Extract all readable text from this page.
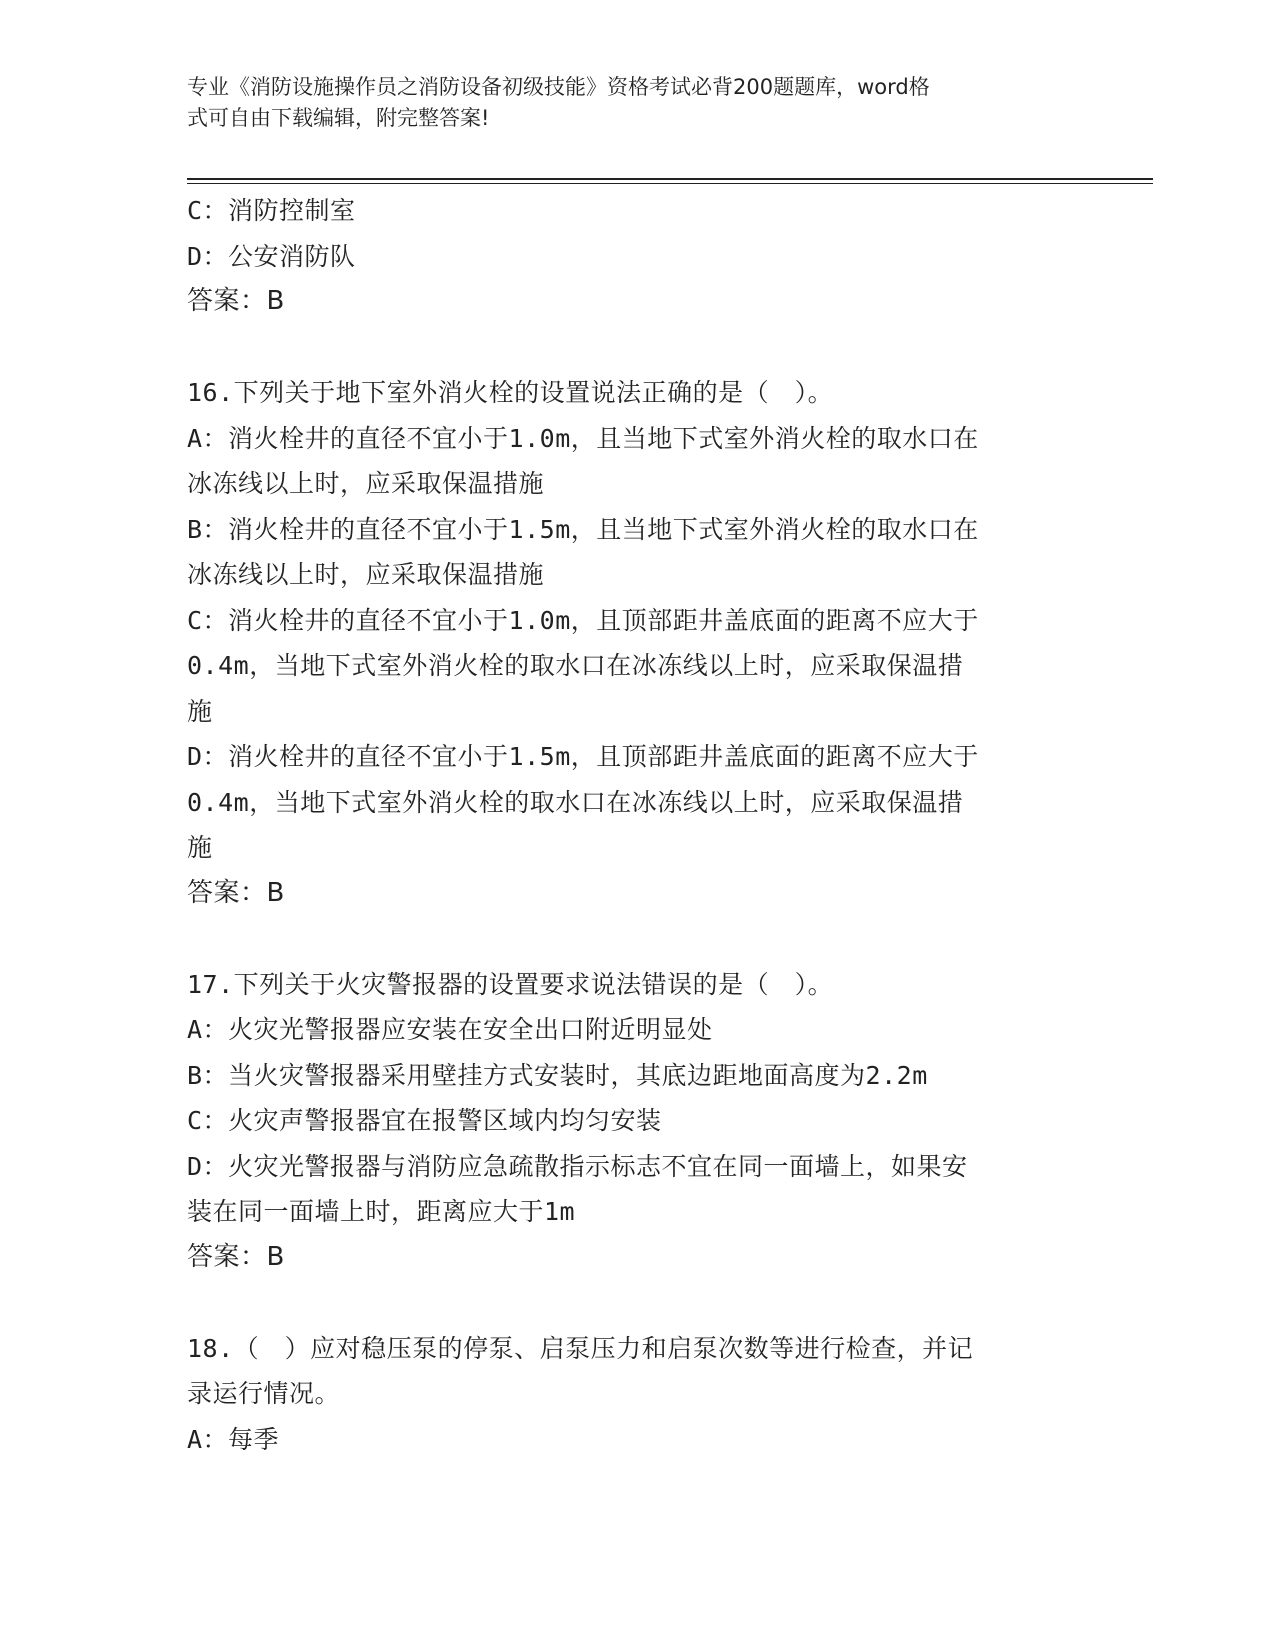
专业《消防设施操作员之消防设备初级技能》资格考试必背200题题库，word格
式可自由下载编辑，附完整答案!
C：消防控制室
D：公安消防队
答案：B
16.下列关于地下室外消火栓的设置说法正确的是（　）。
A：消火栓井的直径不宜小于1.0m，且当地下式室外消火栓的取水口在
冰冻线以上时，应采取保温措施
B：消火栓井的直径不宜小于1.5m，且当地下式室外消火栓的取水口在
冰冻线以上时，应采取保温措施
C：消火栓井的直径不宜小于1.0m，且顶部距井盖底面的距离不应大于
0.4m，当地下式室外消火栓的取水口在冰冻线以上时，应采取保温措
施
D：消火栓井的直径不宜小于1.5m，且顶部距井盖底面的距离不应大于
0.4m，当地下式室外消火栓的取水口在冰冻线以上时，应采取保温措
施
答案：B
17.下列关于火灾警报器的设置要求说法错误的是（　）。
A：火灾光警报器应安装在安全出口附近明显处
B：当火灾警报器采用壁挂方式安装时，其底边距地面高度为2.2m
C：火灾声警报器宜在报警区域内均匀安装
D：火灾光警报器与消防应急疏散指示标志不宜在同一面墙上，如果安
装在同一面墙上时，距离应大于1m
答案：B
18.（　）应对稳压泵的停泵、启泵压力和启泵次数等进行检查，并记
录运行情况。
A：每季
